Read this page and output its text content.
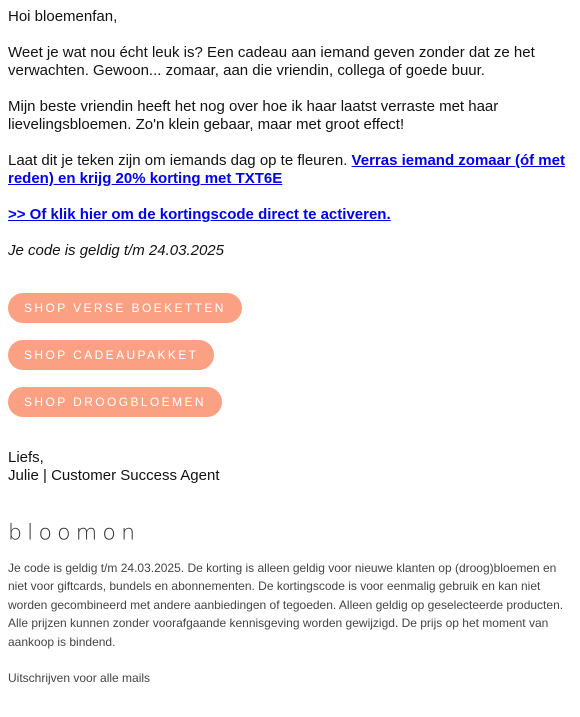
Hoi bloemenfan,

Weet je wat nou écht leuk is? Een cadeau aan iemand geven zonder dat ze het verwachten. Gewoon... zomaar, aan die vriendin, collega of goede buur.

Mijn beste vriendin heeft het nog over hoe ik haar laatst verraste met haar lievelingsbloemen. Zo'n klein gebaar, maar met groot effect!

Laat dit je teken zijn om iemands dag op te fleuren. Verras iemand zomaar (óf met reden) en krijg 20% korting met TXT6E

>> Of klik hier om de kortingscode direct te activeren.

Je code is geldig t/m 24.03.2025

SHOP VERSE BOEKETTEN
SHOP CADEAUPAKKET
SHOP DROOGBLOEMEN
Liefs,
Julie | Customer Success Agent
bloomon
Je code is geldig t/m 24.03.2025. De korting is alleen geldig voor nieuwe klanten op (droog)bloemen en niet voor giftcards, bundels en abonnementen. De kortingscode is voor eenmalig gebruik en kan niet worden gecombineerd met andere aanbiedingen of tegoeden. Alleen geldig op geselecteerde producten. Alle prijzen kunnen zonder voorafgaande kennisgeving worden gewijzigd. De prijs op het moment van aankoop is bindend.
Uitschrijven voor alle mails
